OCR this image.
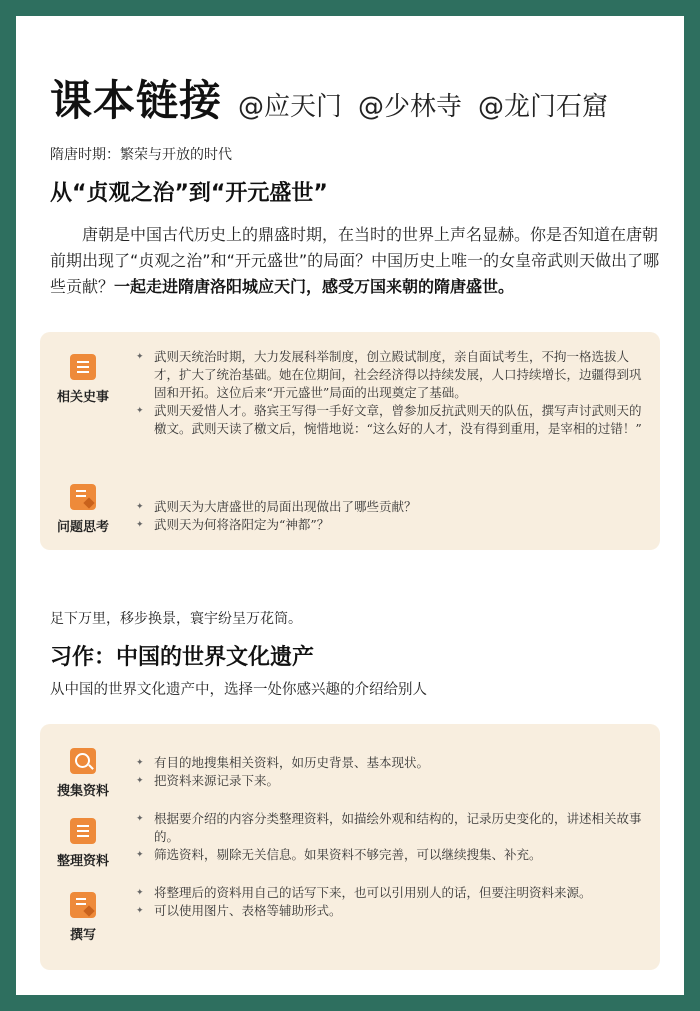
课本链接 @应天门 @少林寺 @龙门石窟
隋唐时期：繁荣与开放的时代
从“贞观之治”到“开元盛世”
唐朝是中国古代历史上的鼎盛时期，在当时的世界上声名显赫。你是否知道在唐朝前期出现了“贞观之治”和“开元盛世”的局面？中国历史上唯一的女皇帝武则天做出了哪些贡献？一起走进隋唐洛阳城应天门，感受万国来朝的隋唐盛世。
相关史事
✦ 武则天统治时期，大力发展科举制度，创立殿试制度，亲自面试考生，不拘一格选拔人才，扩大了统治基础。她在位期间，社会经济得以持续发展，人口持续增长，边疆得到巩固和开拓。这位后来“开元盛世”局面的出现奠定了基础。
✦ 武则天爱惜人才。骆宾王写得一手好文章，曾参加反抗武则天的队伍，撰写声讨武则天的檄文。武则天读了檄文后，惋惜地说：“这么好的人才，没有得到重用，是宰相的过错！”
问题思考
✦ 武则天为大唐盛世的局面出现做出了哪些贡献？
✦ 武则天为何将洛阳定为“神都”？
足下万里，移步换景，寰宇纷呈万花筒。
习作：中国的世界文化遗产
从中国的世界文化遗产中，选择一处你感兴趣的介绍给别人
搜集资料
✦ 有目的地搜集相关资料，如历史背景、基本现状。
✦ 把资料来源记录下来。
整理资料
✦ 根据要介绍的内容分类整理资料，如描绘外观和结构的，记录历史变化的，讲述相关故事的。
✦ 筛选资料，剔除无关信息。如果资料不够完善，可以继续搜集、补充。
撰写
✦ 将整理后的资料用自己的话写下来，也可以引用别人的话，但要注明资料来源。
✦ 可以使用图片、表格等辅助形式。
